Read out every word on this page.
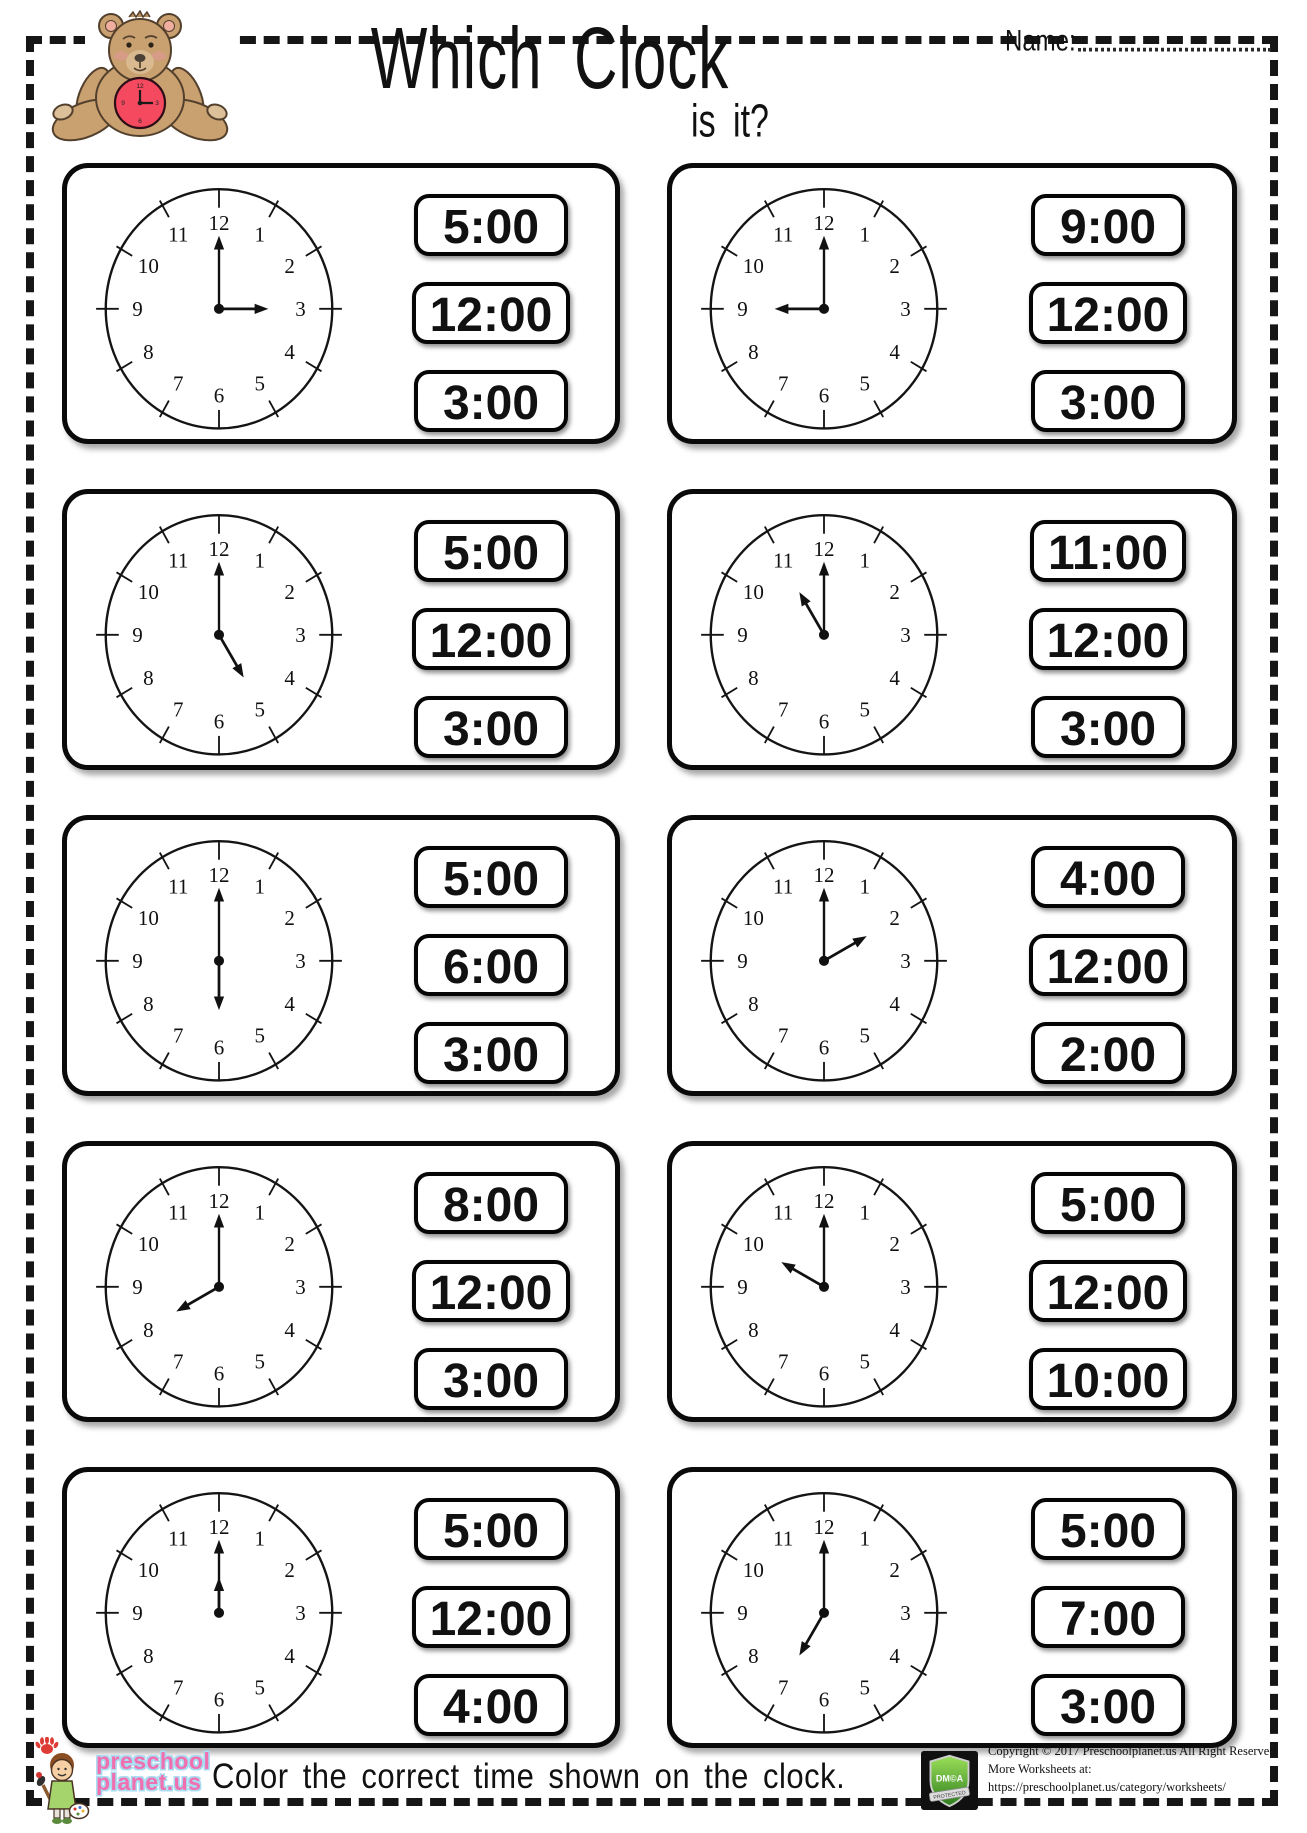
12
3
6
9	Which Clock
is it?
Name:
12 1
2
3
4
5
6
7
8
9
10
11	5:00
12:00
3:00
12 1
2
3
4
5
6
7
8
9
10
11	9:00
12:00
3:00
12 1
2
3
4
5
6
7
8
9
10
11	5:00
12:00
3:00
12 1
2
3
4
5
6
7
8
9
10
11	11:00
12:00
3:00
12 1
2
3
4
5
6
7
8
9
10
11	5:00
6:00
3:00
12 1
2
3
4
5
6
7
8
9
10
11	4:00
12:00
2:00
12 1
2
3
4
5
6
7
8
9
10
11	8:00
12:00
3:00
12 1
2
3
4
5
6
7
8
9
10
11	5:00
12:00
10:00
12 1
2
3
4
5
6
7
8
9
10
11	5:00
12:00
4:00
12 1
2
3
4
5
6
7
8
9
10
11	5:00
7:00
3:00
preschool
planet.us Color the correct time shown on the clock.	DM©A
PROTECTED
Copyright © 2017 Preschoolplanet.us All Right Reserved
More Worksheets at:
https://preschoolplanet.us/category/worksheets/
